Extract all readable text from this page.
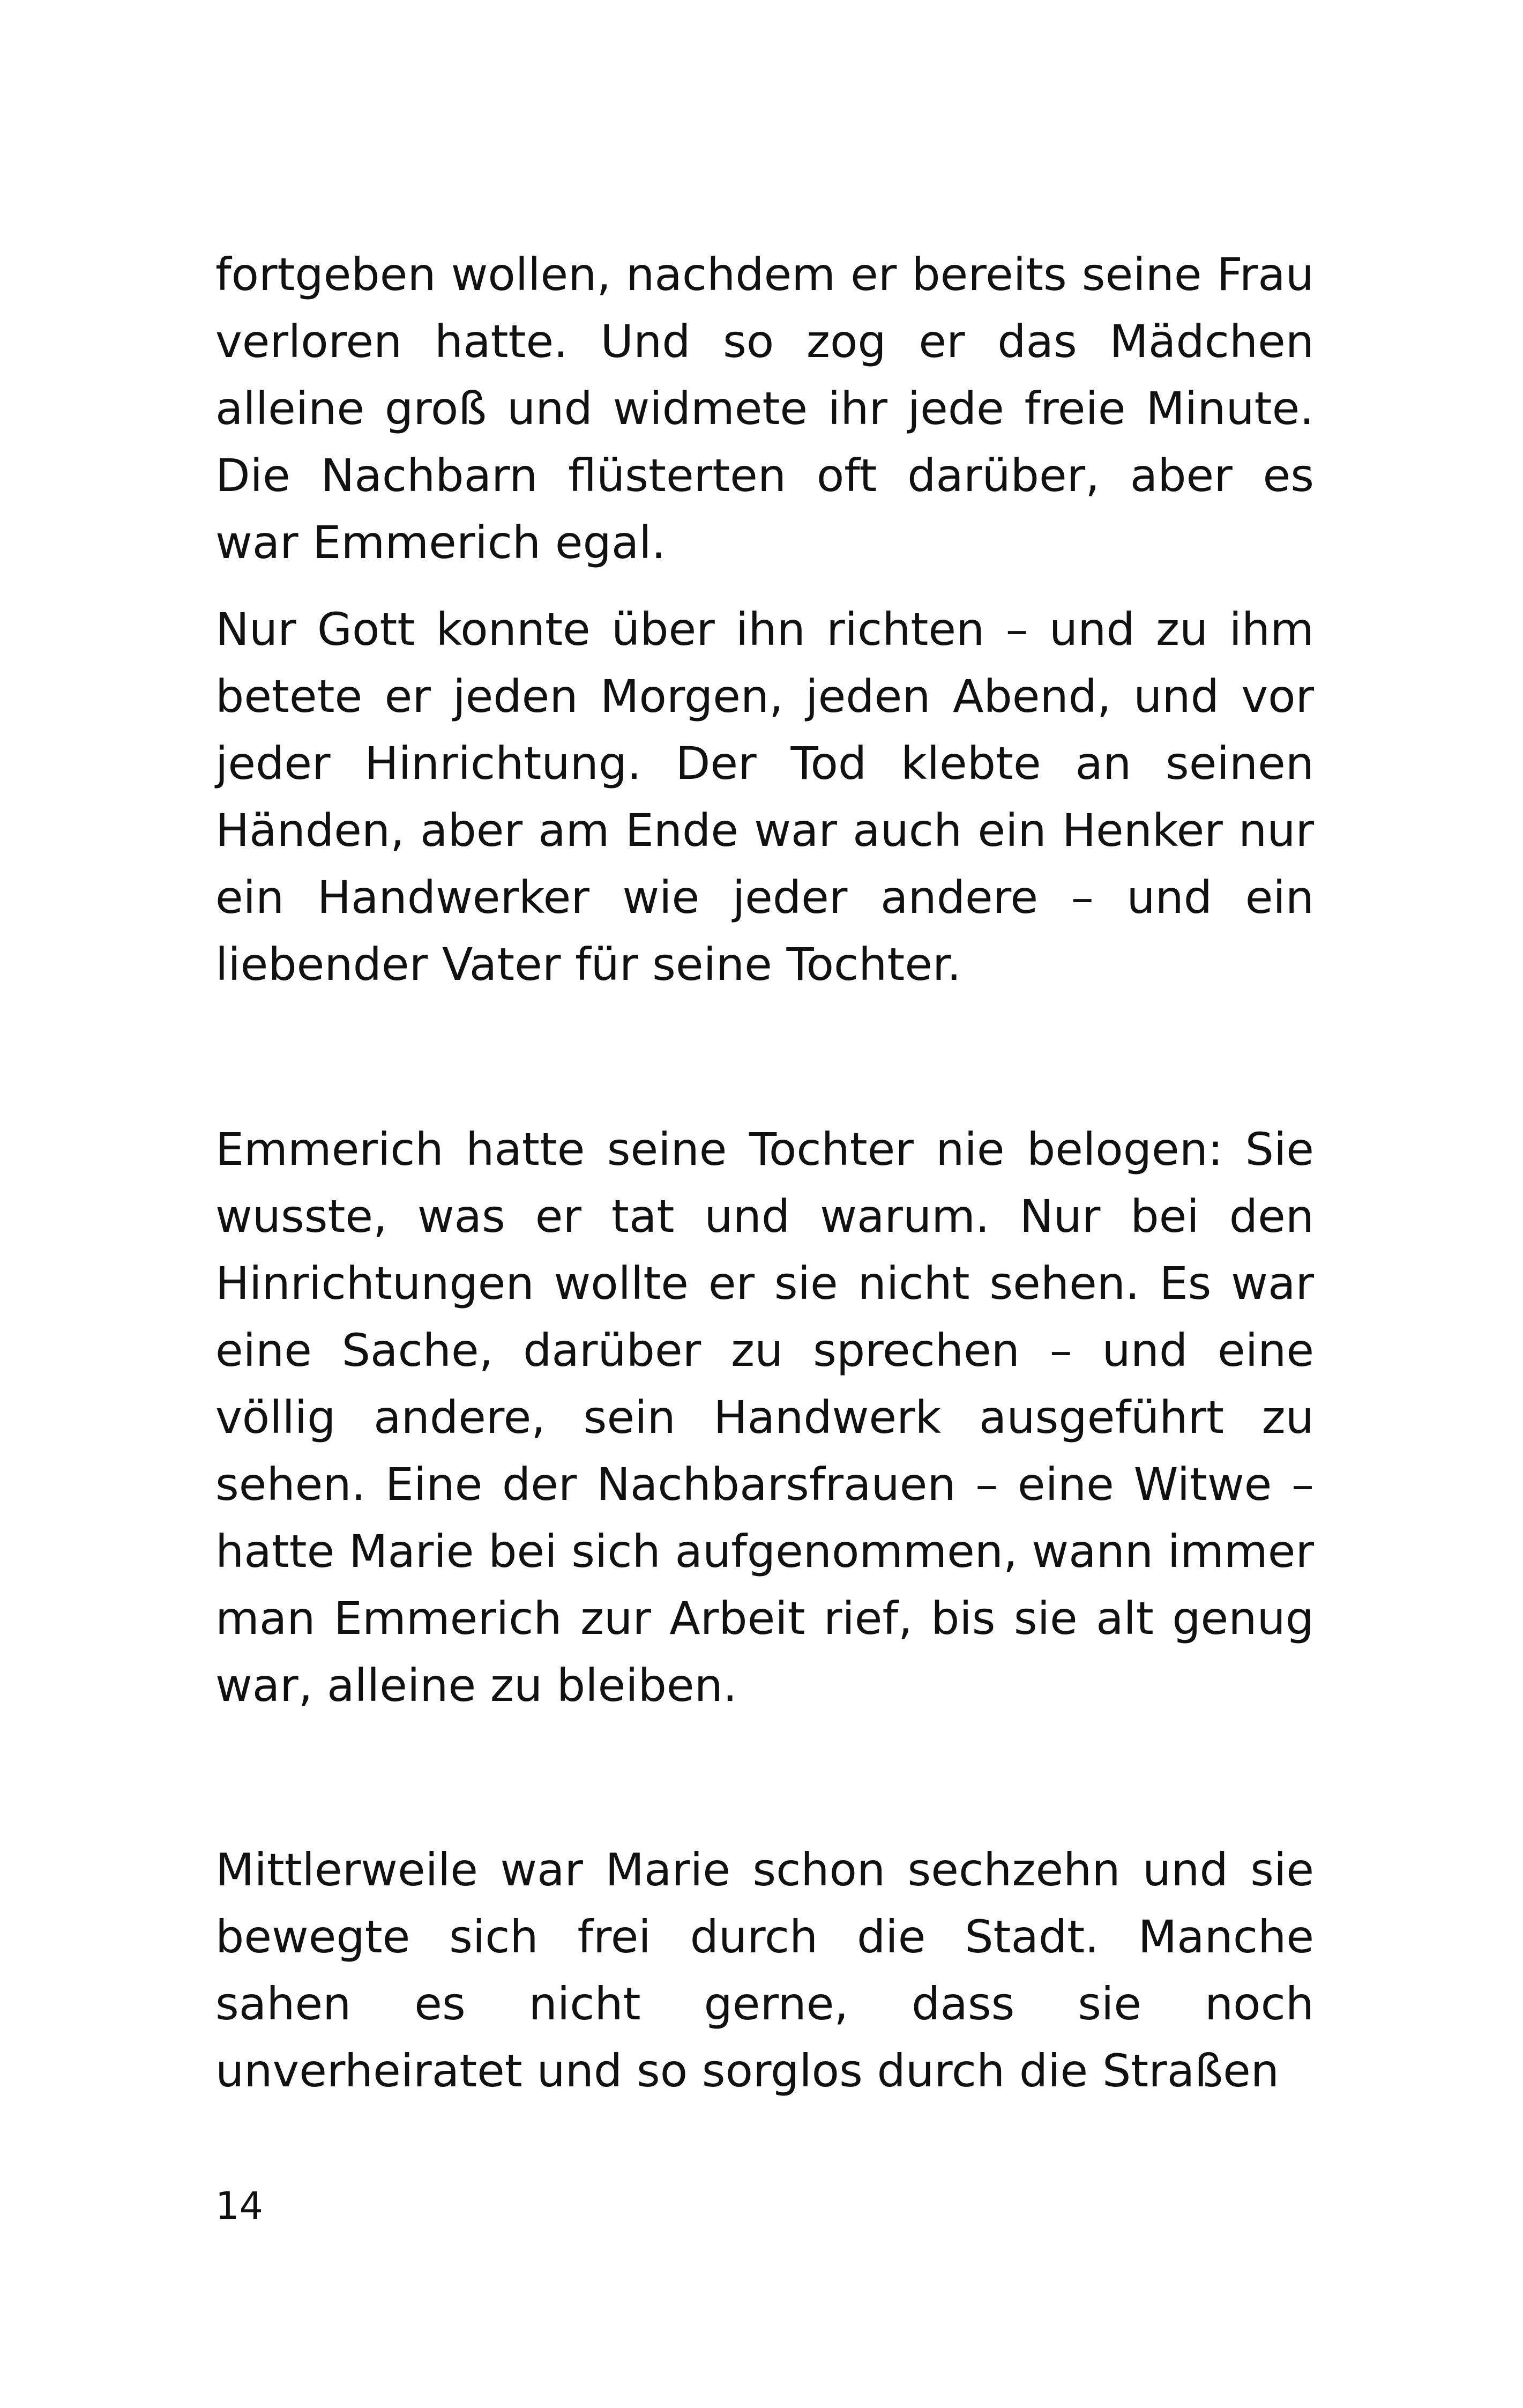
fortgeben wollen, nachdem er bereits seine Frau verloren hatte. Und so zog er das Mädchen alleine groß und widmete ihr jede freie Minute. Die Nachbarn flüsterten oft darüber, aber es war Emmerich egal.

Nur Gott konnte über ihn richten – und zu ihm betete er jeden Morgen, jeden Abend, und vor jeder Hinrichtung. Der Tod klebte an seinen Händen, aber am Ende war auch ein Henker nur ein Handwerker wie jeder andere – und ein liebender Vater für seine Tochter.

Emmerich hatte seine Tochter nie belogen: Sie wusste, was er tat und warum. Nur bei den Hinrichtungen wollte er sie nicht sehen. Es war eine Sache, darüber zu sprechen – und eine völlig andere, sein Handwerk ausgeführt zu sehen. Eine der Nachbarsfrauen – eine Witwe – hatte Marie bei sich aufgenommen, wann immer man Emmerich zur Arbeit rief, bis sie alt genug war, alleine zu bleiben.

Mittlerweile war Marie schon sechzehn und sie bewegte sich frei durch die Stadt. Manche sahen es nicht gerne, dass sie noch unverheiratet und so sorglos durch die Straßen

14
